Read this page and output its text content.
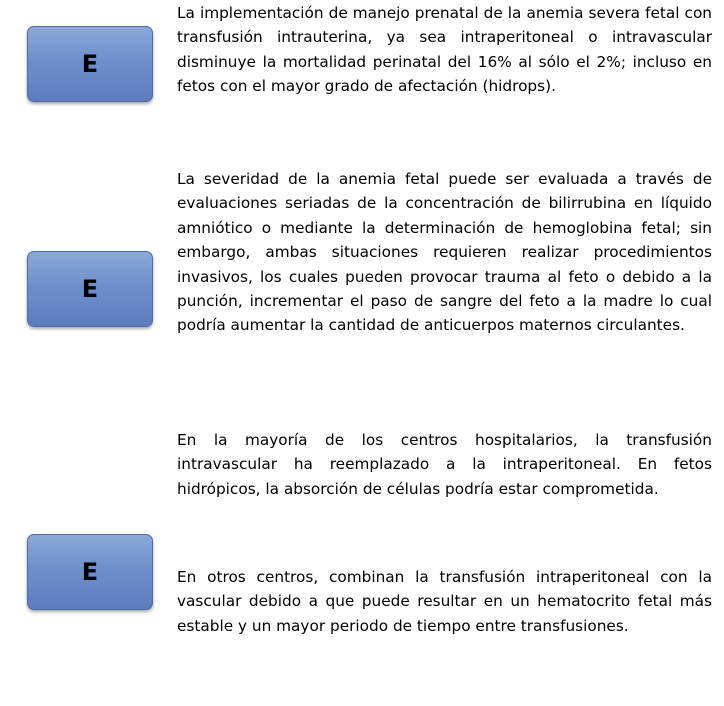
E

La implementación de manejo prenatal de la anemia severa fetal con transfusión intrauterina, ya sea intraperitoneal o intravascular disminuye la mortalidad perinatal del 16% al sólo el 2%; incluso en fetos con el mayor grado de afectación (hidrops).

E

La severidad de la anemia fetal puede ser evaluada a través de evaluaciones seriadas de la concentración de bilirrubina en líquido amniótico o mediante la determinación de hemoglobina fetal; sin embargo, ambas situaciones requieren realizar procedimientos invasivos, los cuales pueden provocar trauma al feto o debido a la punción, incrementar el paso de sangre del feto a la madre lo cual podría aumentar la cantidad de anticuerpos maternos circulantes.

E

En la mayoría de los centros hospitalarios, la transfusión intravascular ha reemplazado a la intraperitoneal. En fetos hidrópicos, la absorción de células podría estar comprometida.

En otros centros, combinan la transfusión intraperitoneal con la vascular debido a que puede resultar en un hematocrito fetal más estable y un mayor periodo de tiempo entre transfusiones.
